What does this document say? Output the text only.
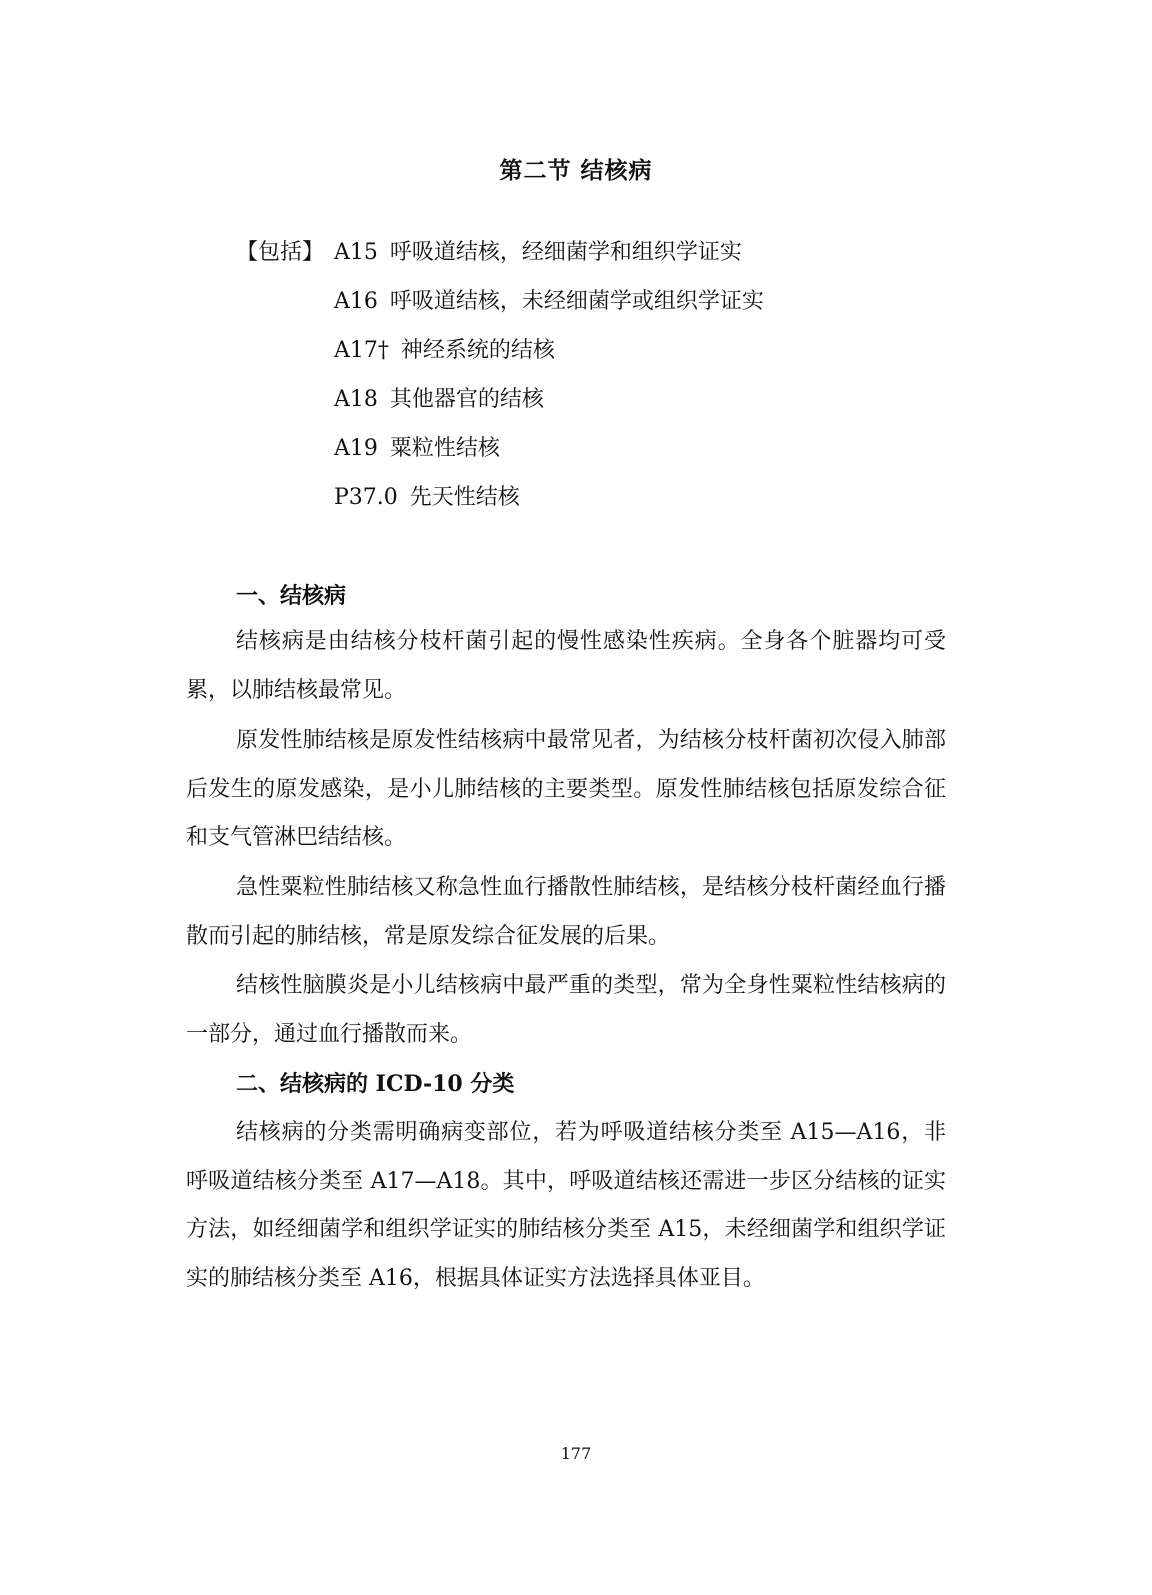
第二节 结核病
【包括】 A15 呼吸道结核，经细菌学和组织学证实
A16 呼吸道结核，未经细菌学或组织学证实
A17† 神经系统的结核
A18 其他器官的结核
A19 粟粒性结核
P37.0 先天性结核
一、结核病

结核病是由结核分枝杆菌引起的慢性感染性疾病。全身各个脏器均可受累，以肺结核最常见。

原发性肺结核是原发性结核病中最常见者，为结核分枝杆菌初次侵入肺部后发生的原发感染，是小儿肺结核的主要类型。原发性肺结核包括原发综合征和支气管淋巴结结核。

急性粟粒性肺结核又称急性血行播散性肺结核，是结核分枝杆菌经血行播散而引起的肺结核，常是原发综合征发展的后果。

结核性脑膜炎是小儿结核病中最严重的类型，常为全身性粟粒性结核病的一部分，通过血行播散而来。

二、结核病的 ICD-10 分类

结核病的分类需明确病变部位，若为呼吸道结核分类至 A15—A16，非呼吸道结核分类至 A17—A18。其中，呼吸道结核还需进一步区分结核的证实方法，如经细菌学和组织学证实的肺结核分类至 A15，未经细菌学和组织学证实的肺结核分类至 A16，根据具体证实方法选择具体亚目。

177
